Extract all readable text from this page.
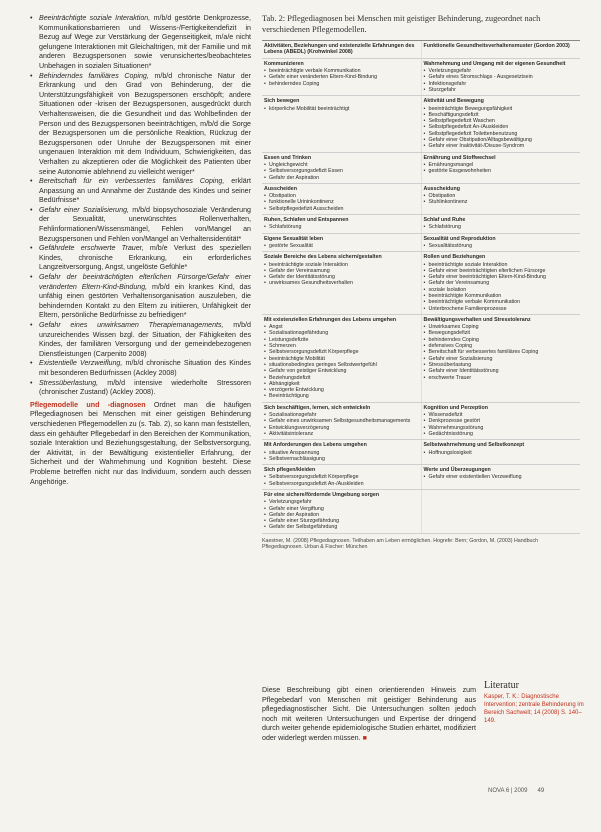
• Beeinträchtigte soziale Interaktion, m/b/d gestörte Denkprozesse, Kommunikationsbarrieren und Wissens-/Fertigkeitendefizit in Bezug auf Wege zur Verstärkung der Gegenseitigkeit, m/a/e nicht gelungene Interaktionen mit Gleichaltrigen, mit der Familie und mit anderen Bezugspersonen sowie verunsichertes/beobachtetes Unbehagen in sozialen Situationen*

• Behinderndes familiäres Coping, m/b/d chronische Natur der Erkrankung und den Grad von Behinderung, der die Unterstützungsfähigkeit von Bezugspersonen erschöpft; andere Situationen oder -krisen der Bezugspersonen, ausgedrückt durch Verhaltensweisen, die die Gesundheit und das Wohlbefinden der Person und des Bezugspersonen beeinträchtigen, m/b/d die Sorge der Bezugspersonen um die persönliche Reaktion, Rückzug der Bezugspersonen oder Unruhe der Bezugspersonen mit einer ungenauen Interaktion mit dem Individuum, Schwierigkeiten, das Verhalten zu akzeptieren oder die Möglichkeit des Patienten über seine Autonomie ablehnend zu vielleicht weniger*

• Bereitschaft für ein verbessertes familiäres Coping, erklärt Anpassung an und Annahme der Zustände des Kindes und seiner Bedürfnisse*

• Gefahr einer Sozialisierung, m/b/d biopsychosoziale Veränderung der Sexualität, unerwünschtes Rollenverhalten, Fehlinformationen/Wissensmängel, Fehlen von/Mangel an Bezugspersonen und Fehlen von/Mangel an Verhaltensidentität*

• Gefährdete erschwerte Trauer, m/b/e Verlust des speziellen Kindes, chronische Erkrankung, ein erforderliches Langzeitversorgung, Angst, ungelöste Gefühle*

• Gefahr der beeinträchtigten elterlichen Fürsorge/Gefahr einer veränderten Eltern-Kind-Bindung, m/b/d ein krankes Kind, das unfähig einen gestörten Verhaltensorganisation auszuleben, die behindernden Kontakt zu den Eltern zu initiieren, Unfähigkeit der Eltern, persönliche Bedürfnisse zu befriedigen*

• Gefahr eines unwirksamen Therapiemanagements, m/b/d unzureichendes Wissen bzgl. der Situation, der Fähigkeiten des Kindes, der familiären Versorgung und der gemeindebezogenen Dienstleistungen (Carpenito 2008)

• Existentielle Verzweiflung, m/b/d chronische Situation des Kindes mit besonderen Bedürfnissen (Ackley 2008)

• Stressüberlastung, m/b/d intensive wiederholte Stressoren (chronischer Zustand) (Ackley 2008).

Pflegemodelle und -diagnosen Ordnet man die häufigen Pflegediagnosen bei Menschen mit einer geistigen Behinderung verschiedenen Pflegemodellen zu (s. Tab. 2), so kann man feststellen, dass ein gehäufter Pflegebedarf in den Bereichen der Kommunikation, soziale Interaktion und Beziehungsgestaltung, der Selbstversorgung, der Aktivität, in der Bewältigung existentieller Erfahrung, der Sicherheit und der Wahrnehmung und Kognition besteht. Diese Probleme betreffen nicht nur das Individuum, sondern auch dessen Angehörige.

Tab. 2: Pflegediagnosen bei Menschen mit geistiger Behinderung, zugeordnet nach verschiedenen Pflegemodellen.
Aktivitäten, Beziehungen und existenzielle Erfahrungen des Lebens (ABEDL) (Krohwinkel 2008)
Funktionelle Gesundheitsverhaltensmuster (Gordon 2003)
Kommunizieren
• beeinträchtigte verbale Kommunikation
• Gefahr einer veränderten Eltern-Kind-Bindung
• behinderndes Coping
Wahrnehmung und Umgang mit der eigenen Gesundheit
• Verletzungsgefahr
• Gefahr eines Stromschlags - Ausgesetztsein
• Infektionsgefahr
• Sturzgefahr
Sich bewegen
• körperliche Mobilität beeinträchtigt
Aktivität und Bewegung
• beeinträchtigte Bewegungsfähigkeit
• Beschäftigungsdefizit
• Selbstpflegedefizit Waschen
• Selbstpflegedefizit An-/Auskleiden
• Selbstpflegedefizit Toilettenbenutzung
• Gefahr einer Obstipation/Alltagsbewältigung
• Gefahr einer Inaktivität-/Disuse-Syndrom
Essen und Trinken
• Ungleichgewicht
• Selbstversorgungsdefizit Essen
• Gefahr der Aspiration
Ernährung und Stoffwechsel
• Ernährungsmangel
• gestörte Essgewohnheiten
Ausscheiden
• Obstipation
• funktionelle Urininkontinenz
• Selbstpflegedefizit Ausscheiden
Ausscheidung
• Obstipation
• Stuhlinkontinenz
Ruhen, Schlafen und Entspannen
• Schlafstörung
Schlaf und Ruhe
• Schlafstörung
Eigene Sexualität leben
• gestörte Sexualität
Sexualität und Reproduktion
• Sexualitätsstörung
Soziale Bereiche des Lebens sichern/gestalten
• beeinträchtigte soziale Interaktion
• Gefahr der Vereinsamung
• Gefahr der Identitätsstörung
• unwirksames Gesundheitsverhalten
Rollen und Beziehungen
• beeinträchtigte soziale Interaktion
• Gefahr einer beeinträchtigten elterlichen Fürsorge
• Gefahr einer beeinträchtigten Eltern-Kind-Bindung
• Gefahr der Vereinsamung
• soziale Isolation
• beeinträchtigte Kommunikation
• beeinträchtigte verbale Kommunikation
• Unterbrochene Familienprozesse
Mit existenziellen Erfahrungen des Lebens umgehen
• Angst
• Sozialisationsgefährdung
• Leistungsdefizite
• Schmerzen
• Selbstversorgungsdefizit Körperpflege
• beeinträchtigte Mobilität
• situationsbedingtes geringes Selbstwertgefühl
• Gefahr von geistiger Entwicklung
• Beziehungsdefizit
• Abhängigkeit
• verzögerte Entwicklung
• Beeinträchtigung
Bewältigungsverhalten und Stresstoleranz
• Unwirksames Coping
• Bewegungsdefizit
• behinderndes Coping
• defensives Coping
• Bereitschaft für verbessertes familiäres Coping
• Gefahr einer Sozialisierung
• Stressüberlastung
• Gefahr einer Identitätsstörung
• erschwerte Trauer
Sich beschäftigen, lernen, sich entwickeln
• Sozialisationsgefahr
• Gefahr eines unwirksamen Selbstgesundheitsmanagements
• Entwicklungsverzögerung
• Aktivitätsintoleranz
Kognition und Perzeption
• Wissensdefizit
• Denkprozesse gestört
• Wahrnehmungsstörung
• Gedächtnisstörung
Mit Anforderungen des Lebens umgehen
• situative Anspannung
• Selbstvernachlässigung
Selbstwahrnehmung und Selbstkonzept
• Hoffnungslosigkeit
Sich pflegen/kleiden
• Selbstversorgungsdefizit Körperpflege
• Selbstversorgungsdefizit An-/Auskleiden
Werte und Überzeugungen
• Gefahr einer existentiellen Verzweiflung
Für eine sichere/fördernde Umgebung sorgen
• Verletzungsgefahr
• Gefahr einer Vergiftung
• Gefahr der Aspiration
• Gefahr einer Sturzgefährdung
• Gefahr der Selbstgefährdung
Kaestner, M. (2008) Pflegediagnosen. Teilhaben am Leben ermöglichen. Hogrefe: Bern; Gordon, M. (2003) Handbuch Pflegediagnosen. Urban & Fischer: München
Diese Beschreibung gibt einen orientierenden Hinweis zum Pflegebedarf von Menschen mit geistiger Behinderung aus pflegediagnostischer Sicht. Die Untersuchungen sollten jedoch noch mit weiteren Untersuchungen und Expertise der dringend durch weiter gehende epidemiologische Studien erhärtet, modifiziert oder widerlegt werden müssen. ■
Literatur
Kasper, T. K.: Diagnostische Intervention; zentrale Behinderung im Bereich Sachwelt; 14 (2008) S. 140–149.
NOVA 6 | 2009 49
